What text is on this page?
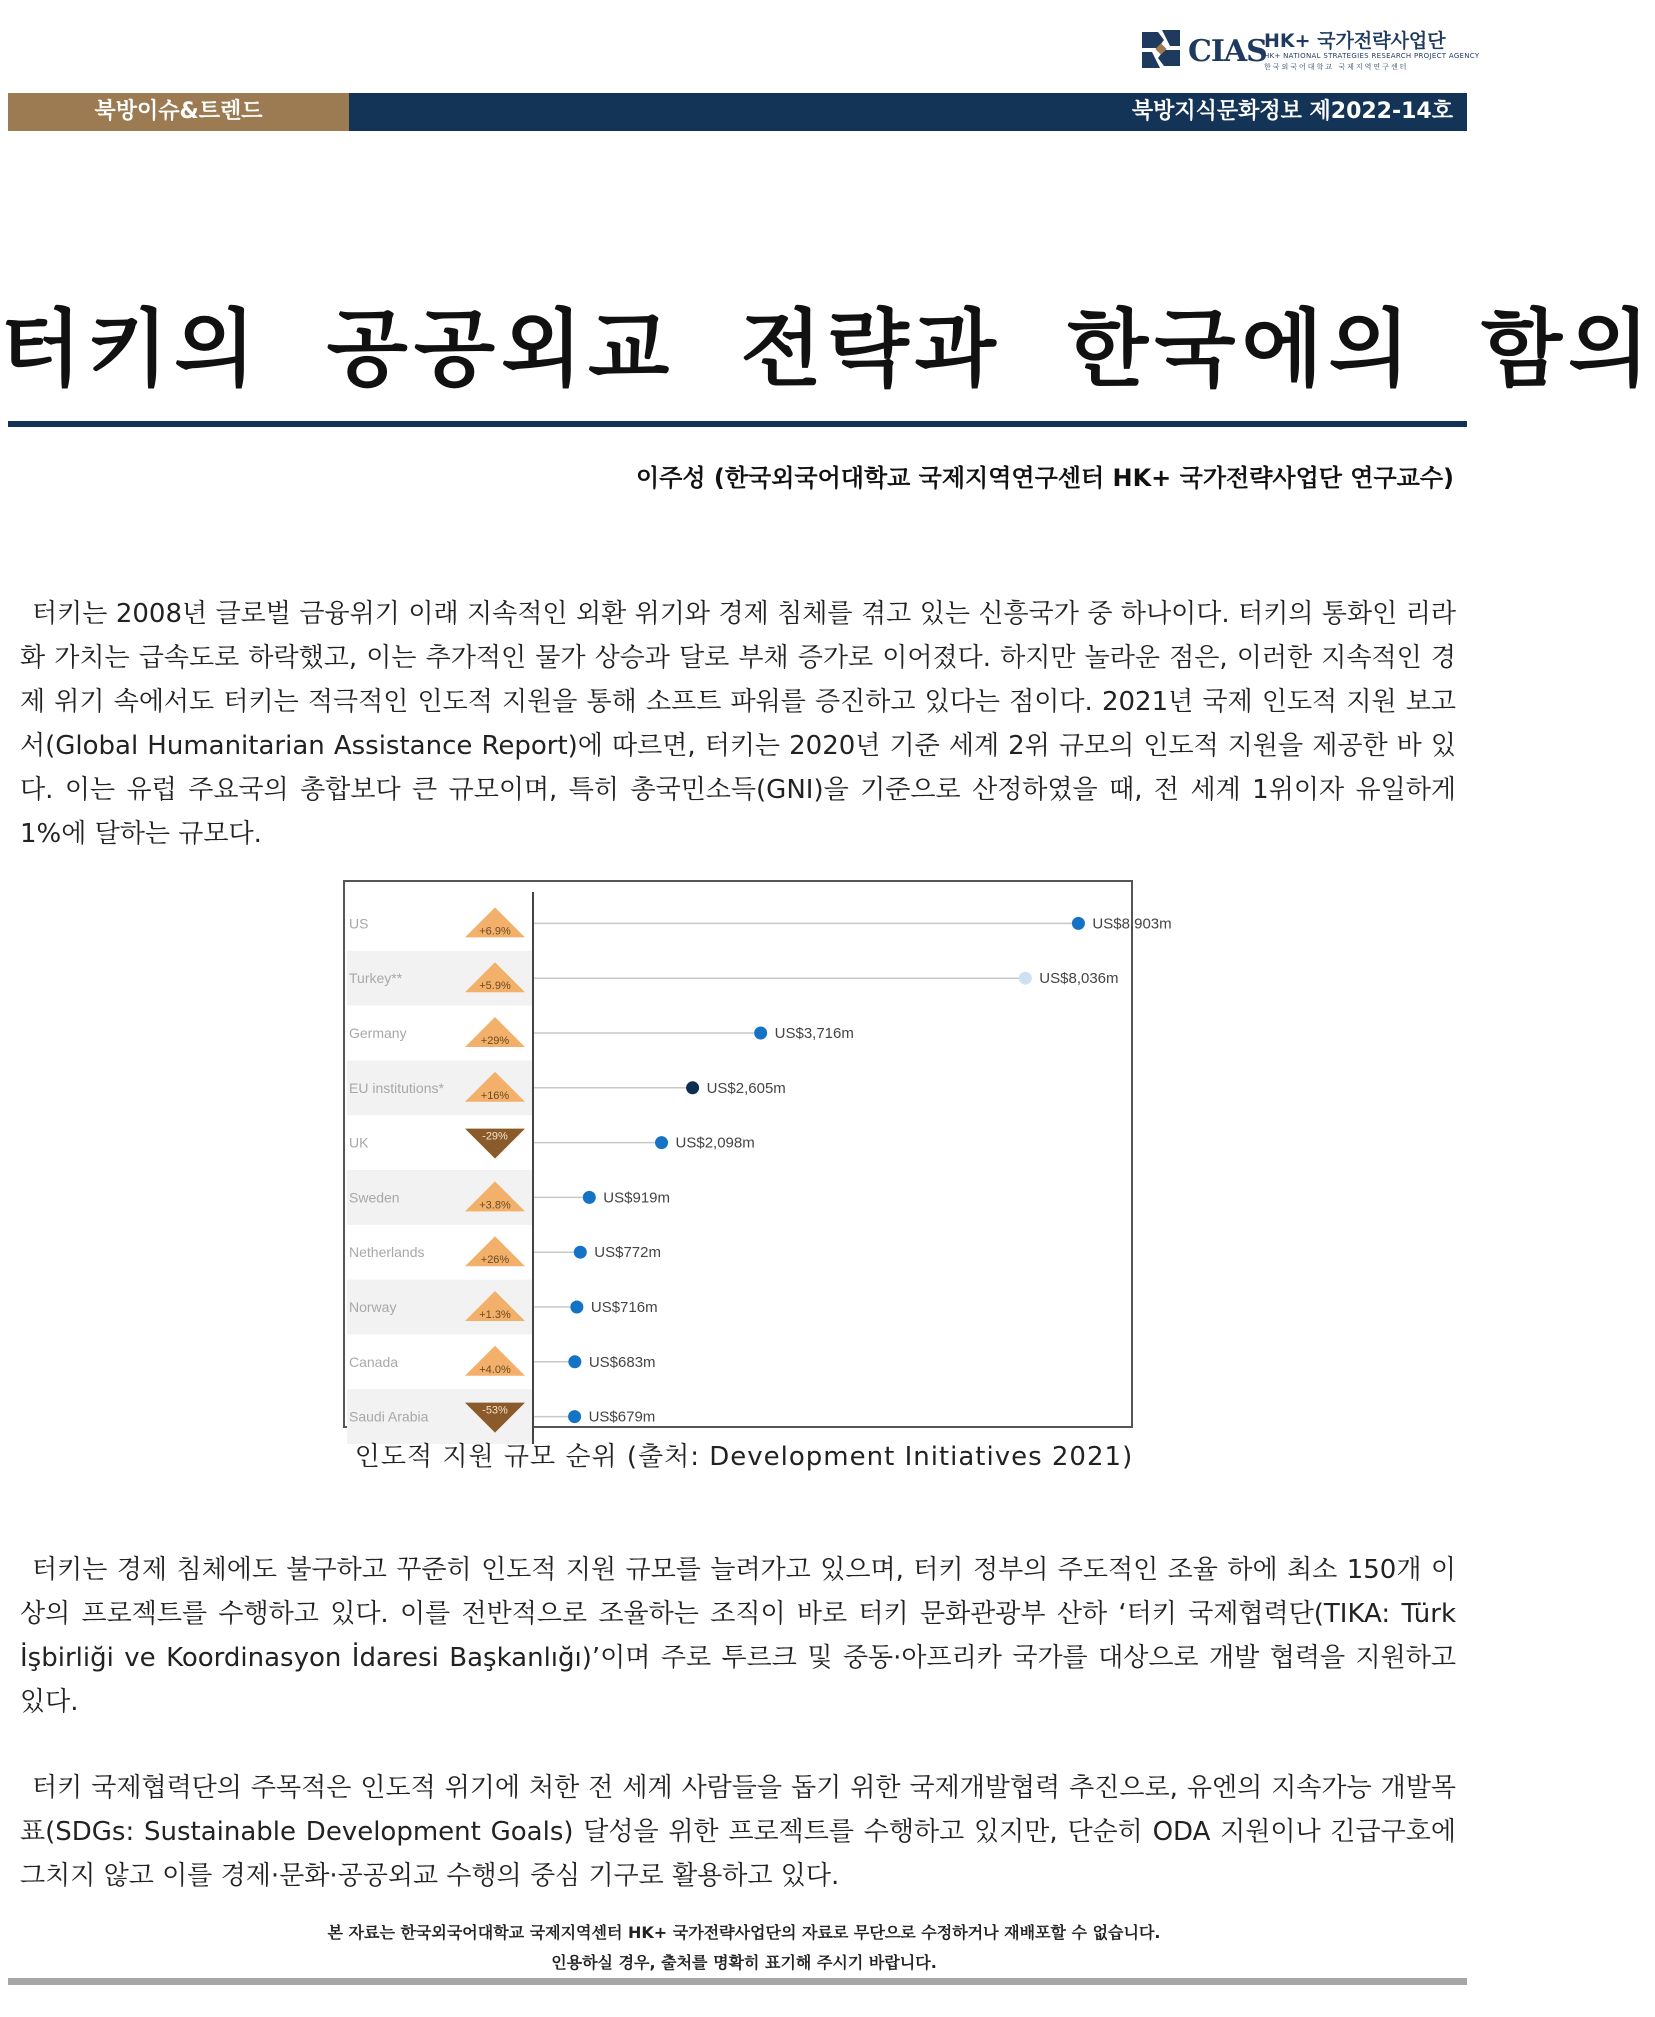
CIAS
HK+ 국가전략사업단
HK+ NATIONAL STRATEGIES RESEARCH PROJECT AGENCY
한국외국어대학교 국제지역연구센터
북방이슈&트렌드	북방지식문화정보 제2022-14호
터키의 공공외교 전략과 한국에의 함의
이주성 (한국외국어대학교 국제지역연구센터 HK+ 국가전략사업단 연구교수)

터키는 2008년 글로벌 금융위기 이래 지속적인 외환 위기와 경제 침체를 겪고 있는 신흥국가 중 하나이다. 터키의 통화인 리라화 가치는 급속도로 하락했고, 이는 추가적인 물가 상승과 달로 부채 증가로 이어졌다. 하지만 놀라운 점은, 이러한 지속적인 경제 위기 속에서도 터키는 적극적인 인도적 지원을 통해 소프트 파워를 증진하고 있다는 점이다. 2021년 국제 인도적 지원 보고서(Global Humanitarian Assistance Report)에 따르면, 터키는 2020년 기준 세계 2위 규모의 인도적 지원을 제공한 바 있다. 이는 유럽 주요국의 총합보다 큰 규모이며, 특히 총국민소득(GNI)을 기준으로 산정하였을 때, 전 세계 1위이자 유일하게 1%에 달하는 규모다.

US	+6.9%	US$8,903m
Turkey**	+5.9%	US$8,036m
Germany	+29%	US$3,716m
EU institutions*	+16%	US$2,605m
UK	-29%	US$2,098m
Sweden	+3.8%	US$919m
Netherlands	+26%	US$772m
Norway	+1.3%	US$716m
Canada	+4.0%	US$683m
Saudi Arabia	-53%	US$679m
인도적 지원 규모 순위 (출처: Development Initiatives 2021)

터키는 경제 침체에도 불구하고 꾸준히 인도적 지원 규모를 늘려가고 있으며, 터키 정부의 주도적인 조율 하에 최소 150개 이상의 프로젝트를 수행하고 있다. 이를 전반적으로 조율하는 조직이 바로 터키 문화관광부 산하 ‘터키 국제협력단(TIKA: Türk İşbirliği ve Koordinasyon İdaresi Başkanlığı)’이며 주로 투르크 및 중동·아프리카 국가를 대상으로 개발 협력을 지원하고 있다.

터키 국제협력단의 주목적은 인도적 위기에 처한 전 세계 사람들을 돕기 위한 국제개발협력 추진으로, 유엔의 지속가능 개발목표(SDGs: Sustainable Development Goals) 달성을 위한 프로젝트를 수행하고 있지만, 단순히 ODA 지원이나 긴급구호에 그치지 않고 이를 경제·문화·공공외교 수행의 중심 기구로 활용하고 있다.

본 자료는 한국외국어대학교 국제지역센터 HK+ 국가전략사업단의 자료로 무단으로 수정하거나 재배포할 수 없습니다.
인용하실 경우, 출처를 명확히 표기해 주시기 바랍니다.
